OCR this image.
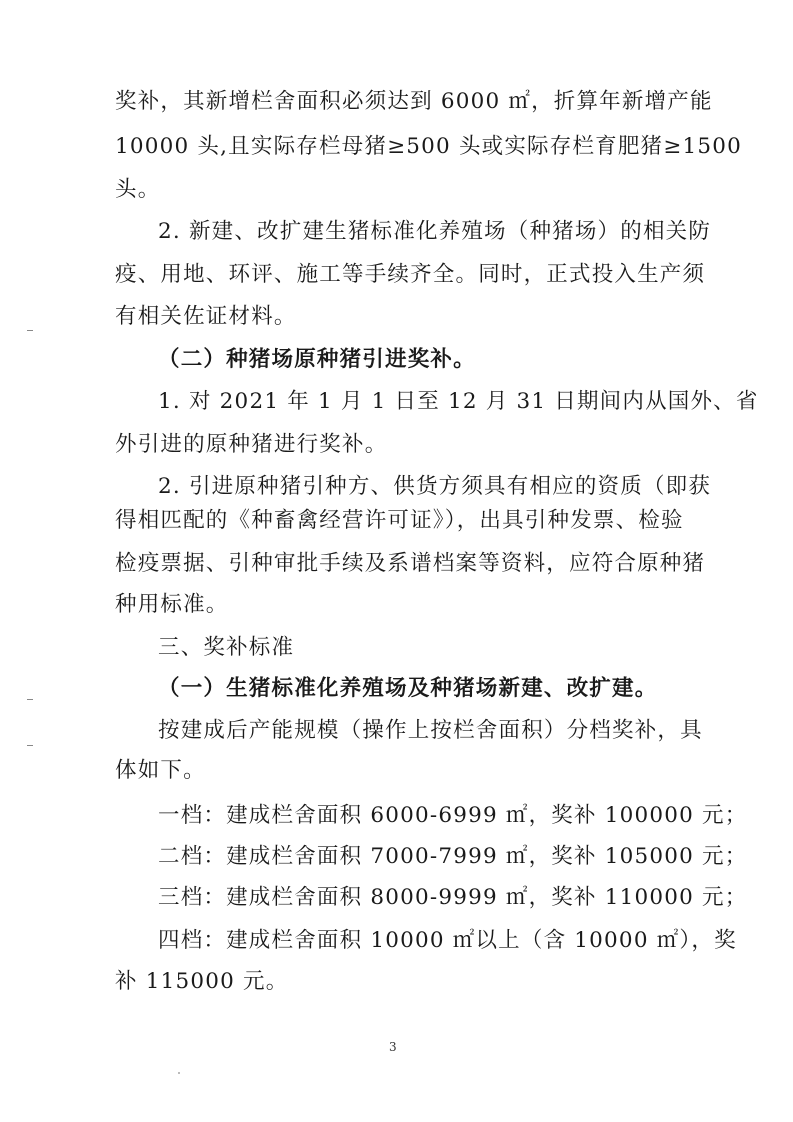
奖补，其新增栏舍面积必须达到 6000 ㎡，折算年新增产能
10000 头,且实际存栏母猪≥500 头或实际存栏育肥猪≥1500
头。
2. 新建、改扩建生猪标准化养殖场（种猪场）的相关防
疫、用地、环评、施工等手续齐全。同时，正式投入生产须
有相关佐证材料。
（二）种猪场原种猪引进奖补。
1. 对 2021 年 1 月 1 日至 12 月 31 日期间内从国外、省
外引进的原种猪进行奖补。
2. 引进原种猪引种方、供货方须具有相应的资质（即获
得相匹配的《种畜禽经营许可证》），出具引种发票、检验
检疫票据、引种审批手续及系谱档案等资料，应符合原种猪
种用标准。
三、奖补标准
（一）生猪标准化养殖场及种猪场新建、改扩建。
按建成后产能规模（操作上按栏舍面积）分档奖补，具
体如下。
一档：建成栏舍面积 6000-6999 ㎡，奖补 100000 元；
二档：建成栏舍面积 7000-7999 ㎡，奖补 105000 元；
三档：建成栏舍面积 8000-9999 ㎡，奖补 110000 元；
四档：建成栏舍面积 10000 ㎡以上（含 10000 ㎡），奖
补 115000 元。
3
